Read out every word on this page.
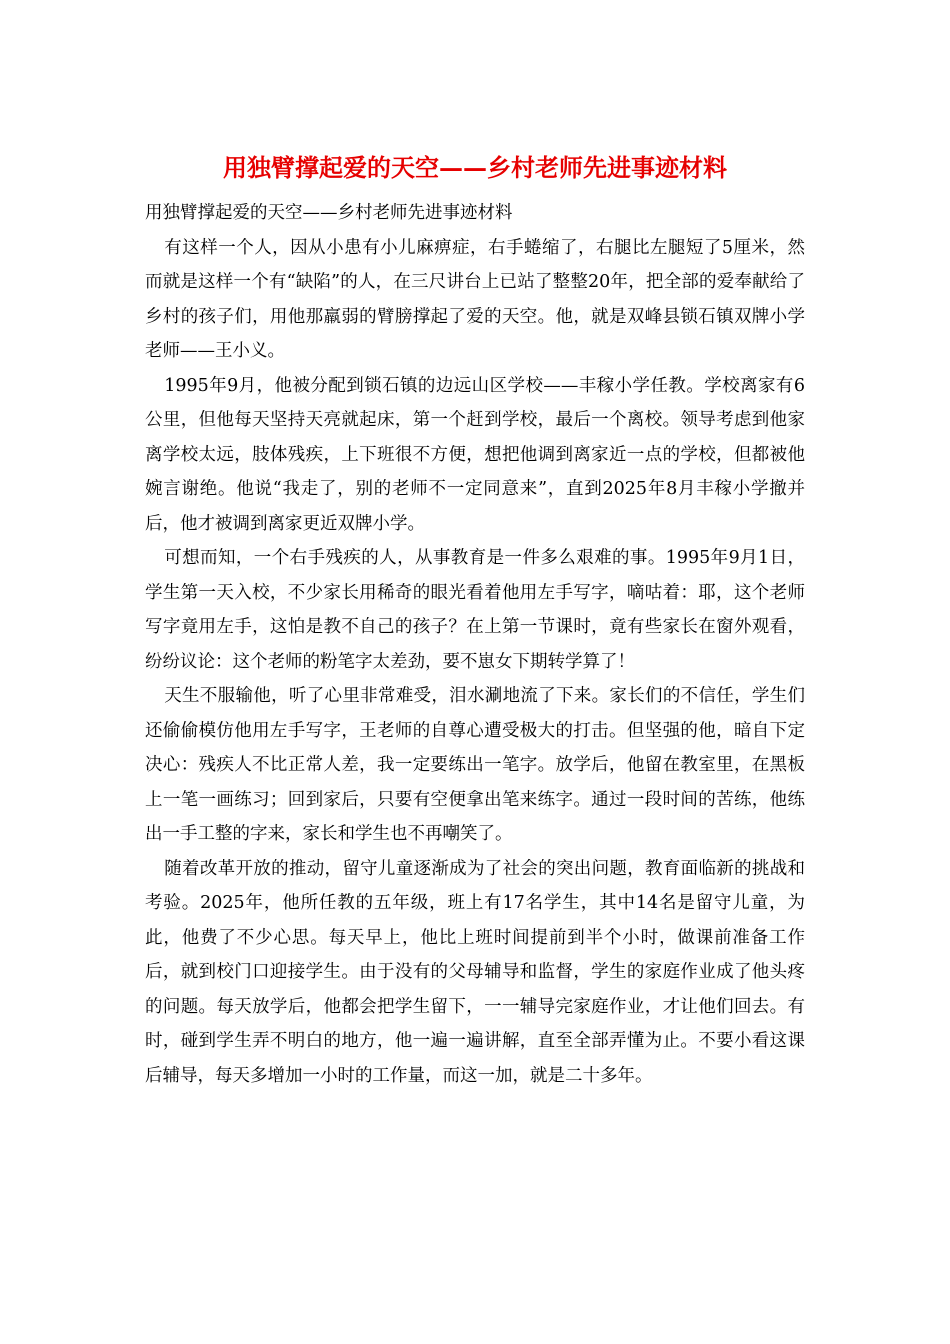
用独臂撑起爱的天空——乡村老师先进事迹材料

用独臂撑起爱的天空——乡村老师先进事迹材料

有这样一个人，因从小患有小儿麻痹症，右手蜷缩了，右腿比左腿短了5厘米，然而就是这样一个有“缺陷”的人，在三尺讲台上已站了整整20年，把全部的爱奉献给了乡村的孩子们，用他那羸弱的臂膀撑起了爱的天空。他，就是双峰县锁石镇双牌小学老师——王小义。

1995年9月，他被分配到锁石镇的边远山区学校——丰稼小学任教。学校离家有6公里，但他每天坚持天亮就起床，第一个赶到学校，最后一个离校。领导考虑到他家离学校太远，肢体残疾，上下班很不方便，想把他调到离家近一点的学校，但都被他婉言谢绝。他说“我走了，别的老师不一定同意来”，直到2025年8月丰稼小学撤并后，他才被调到离家更近双牌小学。

可想而知，一个右手残疾的人，从事教育是一件多么艰难的事。1995年9月1日，学生第一天入校，不少家长用稀奇的眼光看着他用左手写字，嘀咕着：耶，这个老师写字竟用左手，这怕是教不自己的孩子？在上第一节课时，竟有些家长在窗外观看，纷纷议论：这个老师的粉笔字太差劲，要不崽女下期转学算了！

天生不服输他，听了心里非常难受，泪水涮地流了下来。家长们的不信任，学生们还偷偷模仿他用左手写字，王老师的自尊心遭受极大的打击。但坚强的他，暗自下定决心：残疾人不比正常人差，我一定要练出一笔字。放学后，他留在教室里，在黑板上一笔一画练习；回到家后，只要有空便拿出笔来练字。通过一段时间的苦练，他练出一手工整的字来，家长和学生也不再嘲笑了。

随着改革开放的推动，留守儿童逐渐成为了社会的突出问题，教育面临新的挑战和考验。2025年，他所任教的五年级，班上有17名学生，其中14名是留守儿童，为此，他费了不少心思。每天早上，他比上班时间提前到半个小时，做课前准备工作后，就到校门口迎接学生。由于没有的父母辅导和监督，学生的家庭作业成了他头疼的问题。每天放学后，他都会把学生留下，一一辅导完家庭作业，才让他们回去。有时，碰到学生弄不明白的地方，他一遍一遍讲解，直至全部弄懂为止。不要小看这课后辅导，每天多增加一小时的工作量，而这一加，就是二十多年。
